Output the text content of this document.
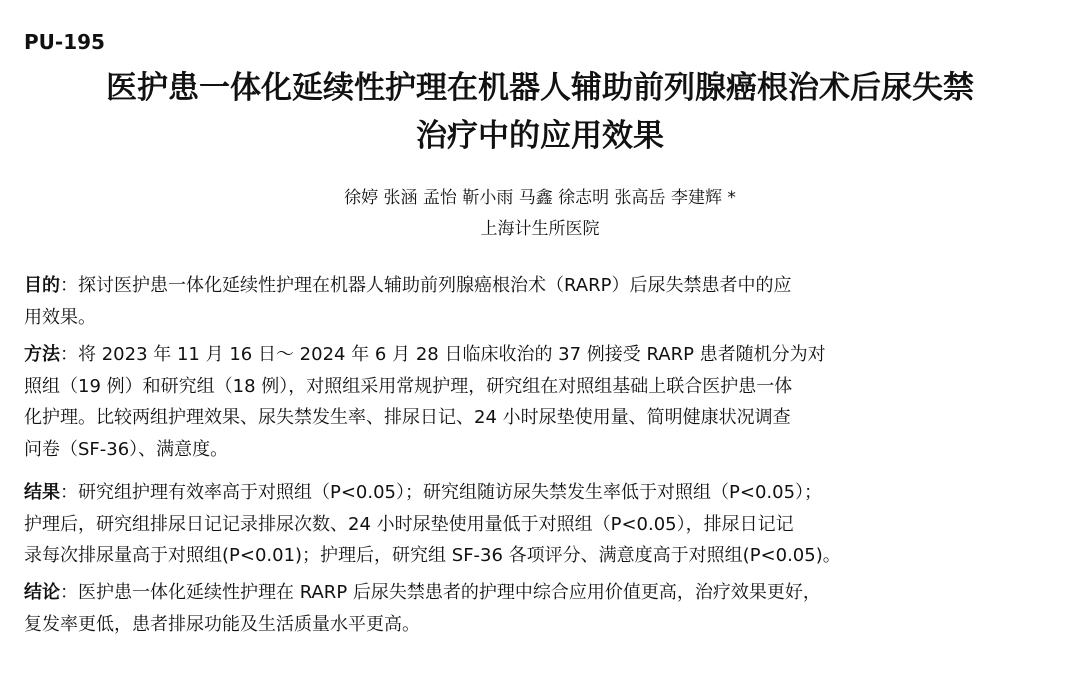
PU-195
医护患一体化延续性护理在机器人辅助前列腺癌根治术后尿失禁
治疗中的应用效果
徐婷 张涵 孟怡 靳小雨 马鑫 徐志明 张高岳 李建辉 *
上海计生所医院
目的：探讨医护患一体化延续性护理在机器人辅助前列腺癌根治术（RARP）后尿失禁患者中的应
用效果。
方法：将 2023 年 11 月 16 日～ 2024 年 6 月 28 日临床收治的 37 例接受 RARP 患者随机分为对
照组（19 例）和研究组（18 例），对照组采用常规护理，研究组在对照组基础上联合医护患一体
化护理。比较两组护理效果、尿失禁发生率、排尿日记、24 小时尿垫使用量、简明健康状况调查
问卷（SF-36）、满意度。
结果：研究组护理有效率高于对照组（P<0.05）；研究组随访尿失禁发生率低于对照组（P<0.05）；
护理后，研究组排尿日记记录排尿次数、24 小时尿垫使用量低于对照组（P<0.05），排尿日记记
录每次排尿量高于对照组(P<0.01)；护理后，研究组 SF-36 各项评分、满意度高于对照组(P<0.05)。
结论：医护患一体化延续性护理在 RARP 后尿失禁患者的护理中综合应用价值更高，治疗效果更好，
复发率更低，患者排尿功能及生活质量水平更高。
